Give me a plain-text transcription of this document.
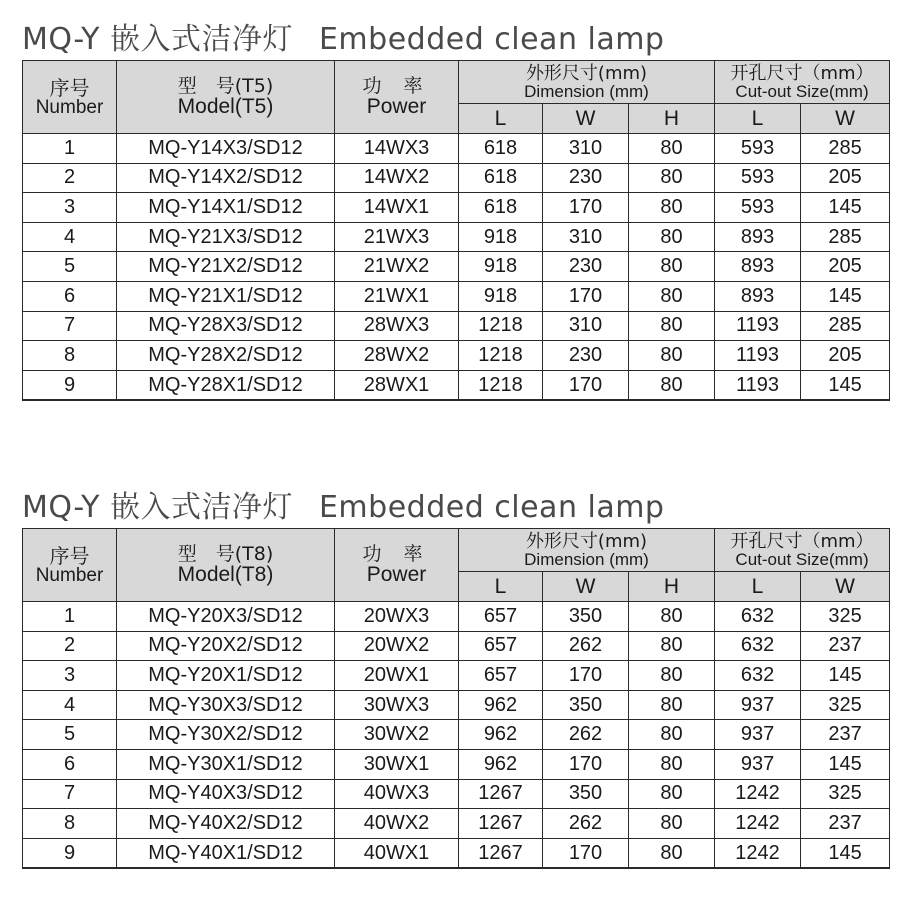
MQ-Y 嵌入式洁净灯 Embedded clean lamp
序号
Number	型　号(T5)
Model(T5)	功 率
Power	外形尺寸(mm)
Dimension (mm)			开孔尺寸（mm）
Cut-out Size(mm)	

			L	W	H	L	W
1	MQ-Y14X3/SD12	14WX3	618	310	80	593	285
2	MQ-Y14X2/SD12	14WX2	618	230	80	593	205
3	MQ-Y14X1/SD12	14WX1	618	170	80	593	145
4	MQ-Y21X3/SD12	21WX3	918	310	80	893	285
5	MQ-Y21X2/SD12	21WX2	918	230	80	893	205
6	MQ-Y21X1/SD12	21WX1	918	170	80	893	145
7	MQ-Y28X3/SD12	28WX3	1218	310	80	1193	285
8	MQ-Y28X2/SD12	28WX2	1218	230	80	1193	205
9	MQ-Y28X1/SD12	28WX1	1218	170	80	1193	145
MQ-Y 嵌入式洁净灯 Embedded clean lamp
序号
Number	型　号(T8)
Model(T8)	功 率
Power	外形尺寸(mm)
Dimension (mm)			开孔尺寸（mm）
Cut-out Size(mm)	

			L	W	H	L	W
1	MQ-Y20X3/SD12	20WX3	657	350	80	632	325
2	MQ-Y20X2/SD12	20WX2	657	262	80	632	237
3	MQ-Y20X1/SD12	20WX1	657	170	80	632	145
4	MQ-Y30X3/SD12	30WX3	962	350	80	937	325
5	MQ-Y30X2/SD12	30WX2	962	262	80	937	237
6	MQ-Y30X1/SD12	30WX1	962	170	80	937	145
7	MQ-Y40X3/SD12	40WX3	1267	350	80	1242	325
8	MQ-Y40X2/SD12	40WX2	1267	262	80	1242	237
9	MQ-Y40X1/SD12	40WX1	1267	170	80	1242	145
